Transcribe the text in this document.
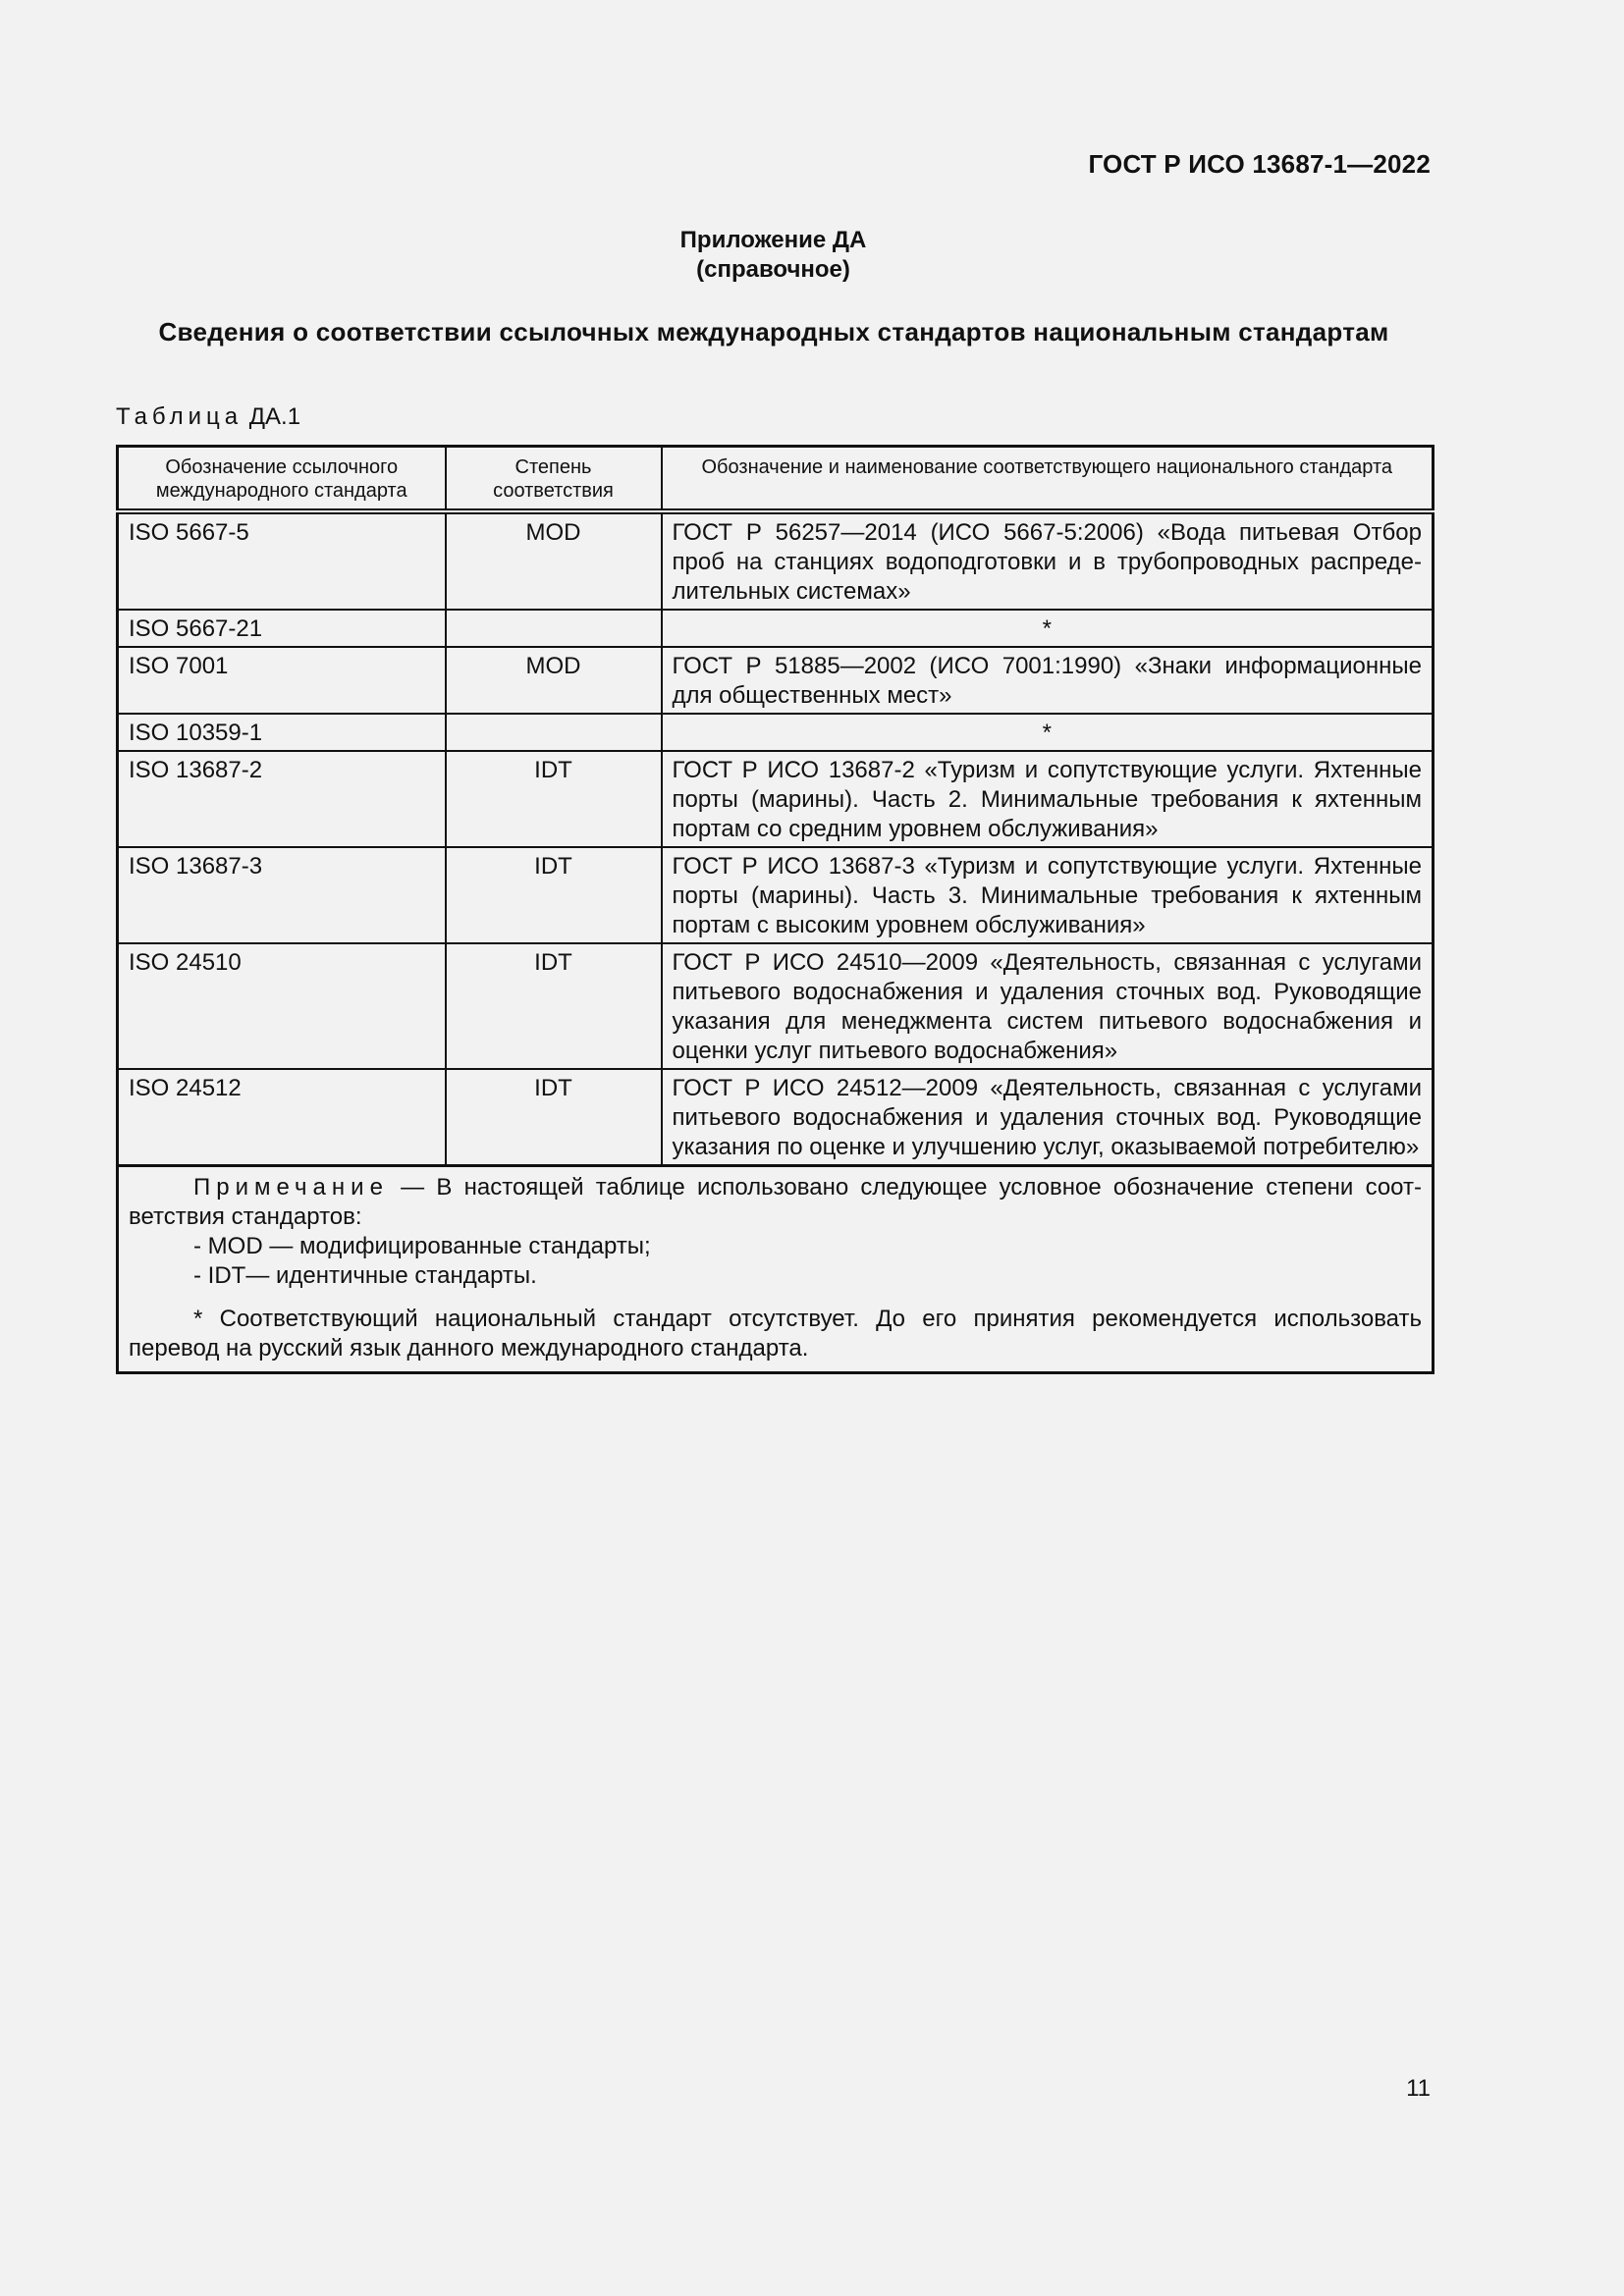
ГОСТ Р ИСО 13687-1—2022
Приложение ДА
(справочное)
Сведения о соответствии ссылочных международных стандартов национальным стандартам
Таблица ДА.1
Обозначение ссылочного международного стандарта	Степень соответствия	Обозначение и наименование соответствующего национального стандарта
ISO 5667-5	MOD	ГОСТ Р 56257—2014 (ИСО 5667-5:2006) «Вода питьевая Отбор проб на станциях водоподготовки и в трубопроводных распределительных системах»
ISO 5667-21		*
ISO 7001	MOD	ГОСТ Р 51885—2002 (ИСО 7001:1990) «Знаки информационные для общественных мест»
ISO 10359-1		*
ISO 13687-2	IDT	ГОСТ Р ИСО 13687-2 «Туризм и сопутствующие услуги. Яхтенные порты (марины). Часть 2. Минимальные требования к яхтенным портам со средним уровнем обслуживания»
ISO 13687-3	IDT	ГОСТ Р ИСО 13687-3 «Туризм и сопутствующие услуги. Яхтенные порты (марины). Часть 3. Минимальные требования к яхтенным портам с высоким уровнем обслуживания»
ISO 24510	IDT	ГОСТ Р ИСО 24510—2009 «Деятельность, связанная с услугами питьевого водоснабжения и удаления сточных вод. Руководящие указания для менеджмента систем питьевого водоснабжения и оценки услуг питьевого водоснабжения»
ISO 24512	IDT	ГОСТ Р ИСО 24512—2009 «Деятельность, связанная с услугами питьевого водоснабжения и удаления сточных вод. Руководящие указания по оценке и улучшению услуг, оказываемой потребителю»

Примечание — В настоящей таблице использовано следующее условное обозначение степени соответствия стандартов:

- MOD — модифицированные стандарты;

- IDT— идентичные стандарты.

* Соответствующий национальный стандарт отсутствует. До его принятия рекомендуется использовать перевод на русский язык данного международного стандарта.		

11
